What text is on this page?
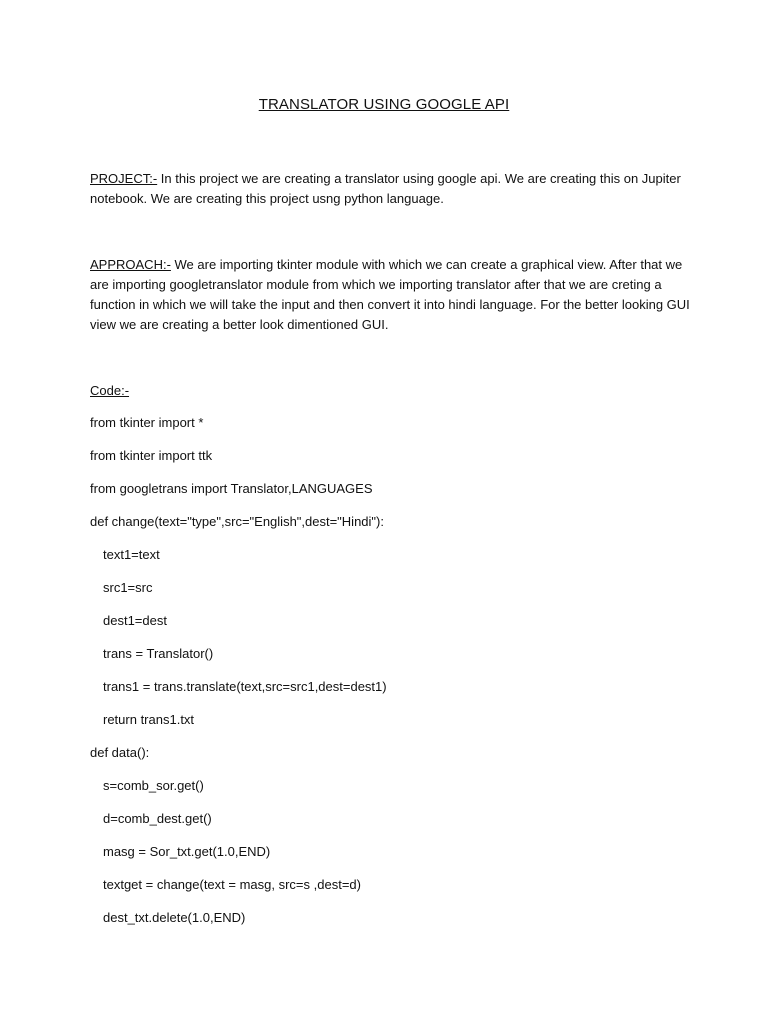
TRANSLATOR USING GOOGLE API

PROJECT:- In this project we are creating a translator using google api. We are creating this on Jupiter notebook. We are creating this project usng python language.

APPROACH:- We are importing tkinter module with which we can create a graphical view. After that we are importing googletranslator module from which we importing translator after that we are creting a function in which we will take the input and then convert it into hindi language. For the better looking GUI view we are creating a better look dimentioned GUI.

Code:-

from tkinter import *

from tkinter import ttk

from googletrans import Translator,LANGUAGES

def change(text="type",src="English",dest="Hindi"):

text1=text

src1=src

dest1=dest

trans = Translator()

trans1 = trans.translate(text,src=src1,dest=dest1)

return trans1.txt

def data():

s=comb_sor.get()

d=comb_dest.get()

masg = Sor_txt.get(1.0,END)

textget = change(text = masg, src=s ,dest=d)

dest_txt.delete(1.0,END)
